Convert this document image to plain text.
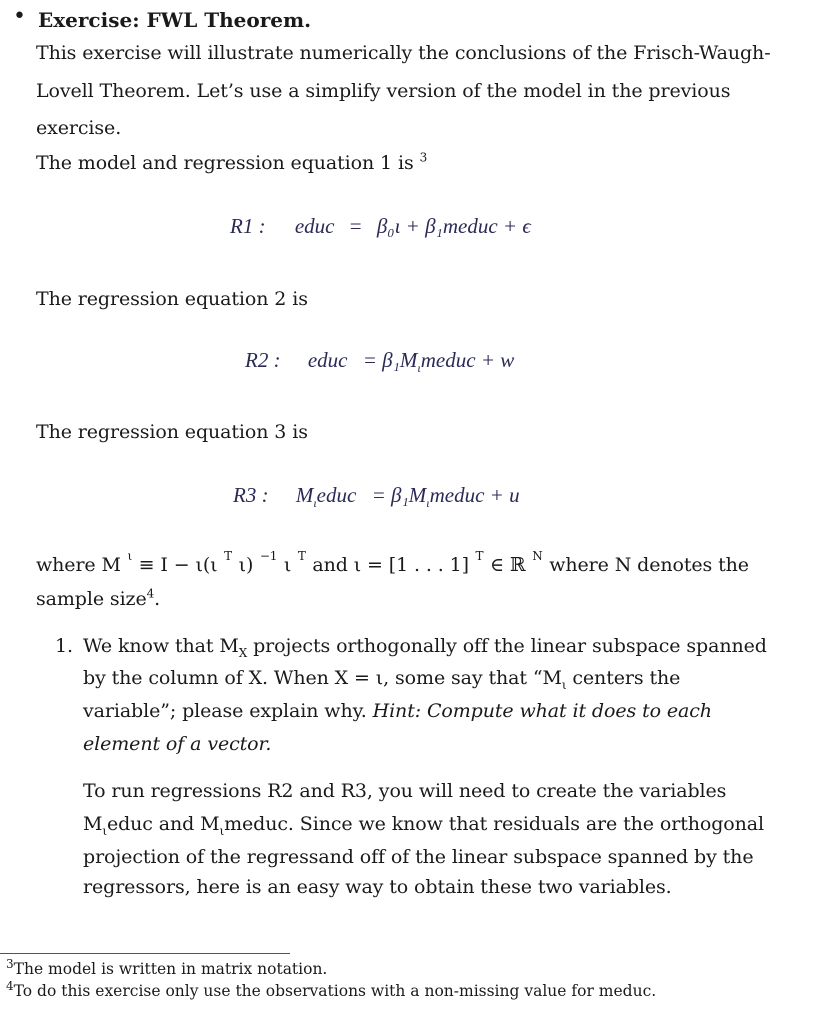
• Exercise: FWL Theorem.
This exercise will illustrate numerically the conclusions of the Frisch-Waugh-
Lovell Theorem. Let’s use a simplify version of the model in the previous
exercise.
The model and regression equation 1 is $^3$
R1 : educ = β₀ι + β₁meduc + ϵ
The regression equation 2 is
R2 : educ = $\beta_1M_\iota meduc + w$
The regression equation 3 is
R3 : $M_\iota educ$ = $\beta_1M_\iota meduc + u$
where M ι ≡ I − ι(ι T ι) −1 ι T and ι = [1 . . . 1] T ∈ ℝ N where N denotes the
sample size$^4$.
1. We know that $M_X$ projects orthogonally off the linear subspace spanned
by the column of X. When X = ι, some say that “$M_\iota$ centers the
variable”; please explain why. Hint: Compute what it does to each
element of a vector.
To run regressions R2 and R3, you will need to create the variables
$M_\iota educ$ and $M_\iota meduc$. Since we know that residuals are the orthogonal
projection of the regressand off of the linear subspace spanned by the
regressors, here is an easy way to obtain these two variables.
$^3$The model is written in matrix notation.
$^4$To do this exercise only use the observations with a non-missing value for meduc.
